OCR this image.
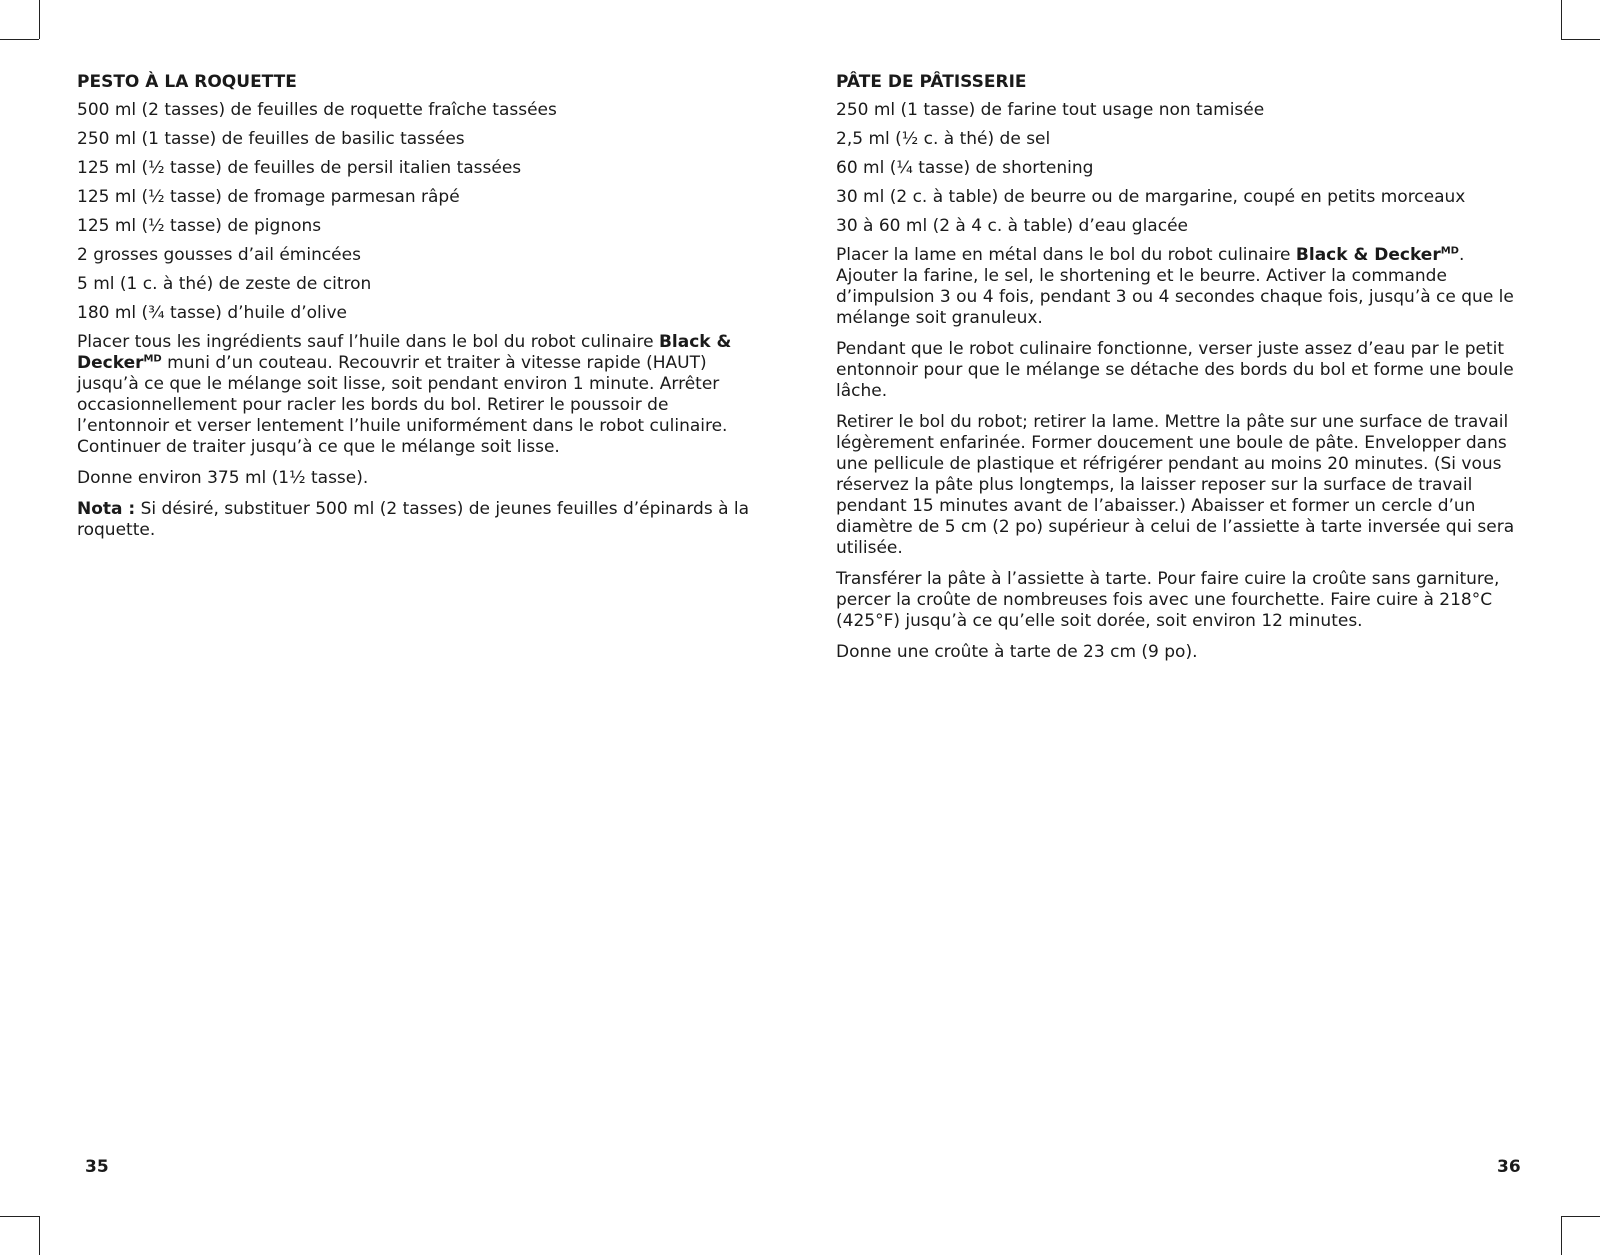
PESTO À LA ROQUETTE
500 ml (2 tasses) de feuilles de roquette fraîche tassées
250 ml (1 tasse) de feuilles de basilic tassées
125 ml (½ tasse) de feuilles de persil italien tassées
125 ml (½ tasse) de fromage parmesan râpé
125 ml (½ tasse) de pignons
2 grosses gousses d’ail émincées
5 ml (1 c. à thé) de zeste de citron
180 ml (¾ tasse) d’huile d’olive

Placer tous les ingrédients sauf l’huile dans le bol du robot culinaire Black & Decker$^{MD}$ muni d’un couteau. Recouvrir et traiter à vitesse rapide (HAUT) jusqu’à ce que le mélange soit lisse, soit pendant environ 1 minute. Arrêter occasionnellement pour racler les bords du bol. Retirer le poussoir de l’entonnoir et verser lentement l’huile uniformément dans le robot culinaire. Continuer de traiter jusqu’à ce que le mélange soit lisse.

Donne environ 375 ml (1½ tasse).

Nota : Si désiré, substituer 500 ml (2 tasses) de jeunes feuilles d’épinards à la roquette.

PÂTE DE PÂTISSERIE
250 ml (1 tasse) de farine tout usage non tamisée
2,5 ml (½ c. à thé) de sel
60 ml (¼ tasse) de shortening
30 ml (2 c. à table) de beurre ou de margarine, coupé en petits morceaux
30 à 60 ml (2 à 4 c. à table) d’eau glacée

Placer la lame en métal dans le bol du robot culinaire Black & Decker$^{MD}$. Ajouter la farine, le sel, le shortening et le beurre. Activer la commande d’impulsion 3 ou 4 fois, pendant 3 ou 4 secondes chaque fois, jusqu’à ce que le mélange soit granuleux.

Pendant que le robot culinaire fonctionne, verser juste assez d’eau par le petit entonnoir pour que le mélange se détache des bords du bol et forme une boule lâche.

Retirer le bol du robot; retirer la lame. Mettre la pâte sur une surface de travail légèrement enfarinée. Former doucement une boule de pâte. Envelopper dans une pellicule de plastique et réfrigérer pendant au moins 20 minutes. (Si vous réservez la pâte plus longtemps, la laisser reposer sur la surface de travail pendant 15 minutes avant de l’abaisser.) Abaisser et former un cercle d’un diamètre de 5 cm (2 po) supérieur à celui de l’assiette à tarte inversée qui sera utilisée.

Transférer la pâte à l’assiette à tarte. Pour faire cuire la croûte sans garniture, percer la croûte de nombreuses fois avec une fourchette. Faire cuire à 218°C (425°F) jusqu’à ce qu’elle soit dorée, soit environ 12 minutes.

Donne une croûte à tarte de 23 cm (9 po).

35	36
